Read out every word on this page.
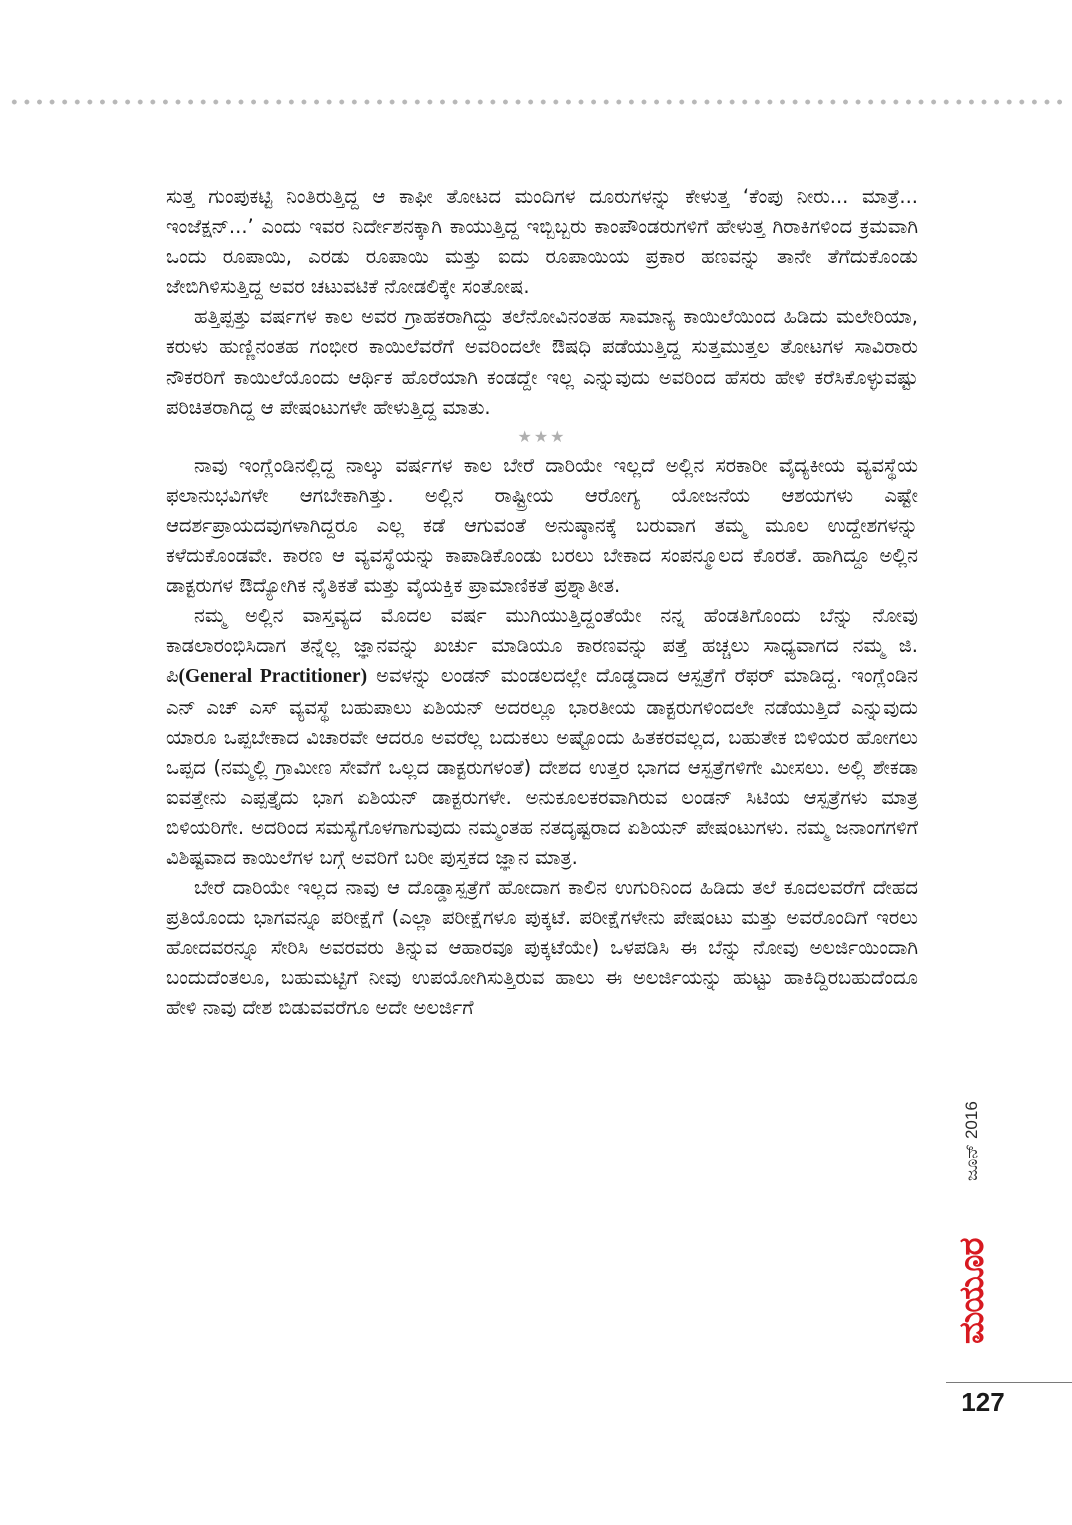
ಸುತ್ತ ಗುಂಪುಕಟ್ಟಿ ನಿಂತಿರುತ್ತಿದ್ದ ಆ ಕಾಫೀ ತೋಟದ ಮಂದಿಗಳ ದೂರುಗಳನ್ನು ಕೇಳುತ್ತ ‘ಕೆಂಪು ನೀರು... ಮಾತ್ರೆ... ಇಂಜೆಕ್ಷನ್...’ ಎಂದು ಇವರ ನಿರ್ದೇಶನಕ್ಕಾಗಿ ಕಾಯುತ್ತಿದ್ದ ಇಬ್ಬಿಬ್ಬರು ಕಾಂಪೌಂಡರುಗಳಿಗೆ ಹೇಳುತ್ತ ಗಿರಾಕಿಗಳಿಂದ ಕ್ರಮವಾಗಿ ಒಂದು ರೂಪಾಯಿ, ಎರಡು ರೂಪಾಯಿ ಮತ್ತು ಐದು ರೂಪಾಯಿಯ ಪ್ರಕಾರ ಹಣವನ್ನು ತಾನೇ ತೆಗೆದುಕೊಂಡು ಜೇಬಿಗಿಳಿಸುತ್ತಿದ್ದ ಅವರ ಚಟುವಟಿಕೆ ನೋಡಲಿಕ್ಕೇ ಸಂತೋಷ.

ಹತ್ತಿಪ್ಪತ್ತು ವರ್ಷಗಳ ಕಾಲ ಅವರ ಗ್ರಾಹಕರಾಗಿದ್ದು ತಲೆನೋವಿನಂತಹ ಸಾಮಾನ್ಯ ಕಾಯಿಲೆಯಿಂದ ಹಿಡಿದು ಮಲೇರಿಯಾ, ಕರುಳು ಹುಣ್ಣಿನಂತಹ ಗಂಭೀರ ಕಾಯಿಲೆವರೆಗೆ ಅವರಿಂದಲೇ ಔಷಧಿ ಪಡೆಯುತ್ತಿದ್ದ ಸುತ್ತಮುತ್ತಲ ತೋಟಗಳ ಸಾವಿರಾರು ನೌಕರರಿಗೆ ಕಾಯಿಲೆಯೊಂದು ಆರ್ಥಿಕ ಹೊರೆಯಾಗಿ ಕಂಡದ್ದೇ ಇಲ್ಲ ಎನ್ನುವುದು ಅವರಿಂದ ಹೆಸರು ಹೇಳಿ ಕರೆಸಿಕೊಳ್ಳುವಷ್ಟು ಪರಿಚಿತರಾಗಿದ್ದ ಆ ಪೇಷಂಟುಗಳೇ ಹೇಳುತ್ತಿದ್ದ ಮಾತು.

★★★

ನಾವು ಇಂಗ್ಲೆಂಡಿನಲ್ಲಿದ್ದ ನಾಲ್ಕು ವರ್ಷಗಳ ಕಾಲ ಬೇರೆ ದಾರಿಯೇ ಇಲ್ಲದೆ ಅಲ್ಲಿನ ಸರಕಾರೀ ವೈದ್ಯಕೀಯ ವ್ಯವಸ್ಥೆಯ ಫಲಾನುಭವಿಗಳೇ ಆಗಬೇಕಾಗಿತ್ತು. ಅಲ್ಲಿನ ರಾಷ್ಟ್ರೀಯ ಆರೋಗ್ಯ ಯೋಜನೆಯ ಆಶಯಗಳು ಎಷ್ಟೇ ಆದರ್ಶಪ್ರಾಯದವುಗಳಾಗಿದ್ದರೂ ಎಲ್ಲ ಕಡೆ ಆಗುವಂತೆ ಅನುಷ್ಠಾನಕ್ಕೆ ಬರುವಾಗ ತಮ್ಮ ಮೂಲ ಉದ್ದೇಶಗಳನ್ನು ಕಳೆದುಕೊಂಡವೇ. ಕಾರಣ ಆ ವ್ಯವಸ್ಥೆಯನ್ನು ಕಾಪಾಡಿಕೊಂಡು ಬರಲು ಬೇಕಾದ ಸಂಪನ್ಮೂಲದ ಕೊರತೆ. ಹಾಗಿದ್ದೂ ಅಲ್ಲಿನ ಡಾಕ್ಟರುಗಳ ಔದ್ಯೋಗಿಕ ನೈತಿಕತೆ ಮತ್ತು ವೈಯಕ್ತಿಕ ಪ್ರಾಮಾಣಿಕತೆ ಪ್ರಶ್ನಾತೀತ.

ನಮ್ಮ ಅಲ್ಲಿನ ವಾಸ್ತವ್ಯದ ಮೊದಲ ವರ್ಷ ಮುಗಿಯುತ್ತಿದ್ದಂತೆಯೇ ನನ್ನ ಹೆಂಡತಿಗೊಂದು ಬೆನ್ನು ನೋವು ಕಾಡಲಾರಂಭಿಸಿದಾಗ ತನ್ನೆಲ್ಲ ಜ್ಞಾನವನ್ನು ಖರ್ಚು ಮಾಡಿಯೂ ಕಾರಣವನ್ನು ಪತ್ತೆ ಹಚ್ಚಲು ಸಾಧ್ಯವಾಗದ ನಮ್ಮ ಜಿ. ಪಿ(General Practitioner) ಅವಳನ್ನು ಲಂಡನ್ ಮಂಡಲದಲ್ಲೇ ದೊಡ್ಡದಾದ ಆಸ್ಪತ್ರೆಗೆ ರೆಫರ್ ಮಾಡಿದ್ದ. ಇಂಗ್ಲೆಂಡಿನ ಎನ್ ಎಚ್ ಎಸ್ ವ್ಯವಸ್ಥೆ ಬಹುಪಾಲು ಏಶಿಯನ್ ಅದರಲ್ಲೂ ಭಾರತೀಯ ಡಾಕ್ಟರುಗಳಿಂದಲೇ ನಡೆಯುತ್ತಿದೆ ಎನ್ನುವುದು ಯಾರೂ ಒಪ್ಪಬೇಕಾದ ವಿಚಾರವೇ ಆದರೂ ಅವರೆಲ್ಲ ಬದುಕಲು ಅಷ್ಟೊಂದು ಹಿತಕರವಲ್ಲದ, ಬಹುತೇಕ ಬಿಳಿಯರ ಹೋಗಲು ಒಪ್ಪದ (ನಮ್ಮಲ್ಲಿ ಗ್ರಾಮೀಣ ಸೇವೆಗೆ ಒಲ್ಲದ ಡಾಕ್ಟರುಗಳಂತೆ) ದೇಶದ ಉತ್ತರ ಭಾಗದ ಆಸ್ಪತ್ರೆಗಳಿಗೇ ಮೀಸಲು. ಅಲ್ಲಿ ಶೇಕಡಾ ಐವತ್ತೇನು ಎಪ್ಪತ್ತೈದು ಭಾಗ ಏಶಿಯನ್ ಡಾಕ್ಟರುಗಳೇ. ಅನುಕೂಲಕರವಾಗಿರುವ ಲಂಡನ್ ಸಿಟಿಯ ಆಸ್ಪತ್ರೆಗಳು ಮಾತ್ರ ಬಿಳಿಯರಿಗೇ. ಅದರಿಂದ ಸಮಸ್ಯೆಗೊಳಗಾಗುವುದು ನಮ್ಮಂತಹ ನತದೃಷ್ಟರಾದ ಏಶಿಯನ್ ಪೇಷಂಟುಗಳು. ನಮ್ಮ ಜನಾಂಗಗಳಿಗೆ ವಿಶಿಷ್ಟವಾದ ಕಾಯಿಲೆಗಳ ಬಗ್ಗೆ ಅವರಿಗೆ ಬರೀ ಪುಸ್ತಕದ ಜ್ಞಾನ ಮಾತ್ರ.

ಬೇರೆ ದಾರಿಯೇ ಇಲ್ಲದ ನಾವು ಆ ದೊಡ್ಡಾಸ್ಪತ್ರೆಗೆ ಹೋದಾಗ ಕಾಲಿನ ಉಗುರಿನಿಂದ ಹಿಡಿದು ತಲೆ ಕೂದಲವರೆಗೆ ದೇಹದ ಪ್ರತಿಯೊಂದು ಭಾಗವನ್ನೂ ಪರೀಕ್ಷೆಗೆ (ಎಲ್ಲಾ ಪರೀಕ್ಷೆಗಳೂ ಪುಕ್ಕಟೆ. ಪರೀಕ್ಷೆಗಳೇನು ಪೇಷಂಟು ಮತ್ತು ಅವರೊಂದಿಗೆ ಇರಲು ಹೋದವರನ್ನೂ ಸೇರಿಸಿ ಅವರವರು ತಿನ್ನುವ ಆಹಾರವೂ ಪುಕ್ಕಟೆಯೇ) ಒಳಪಡಿಸಿ ಈ ಬೆನ್ನು ನೋವು ಅಲರ್ಜಿಯಿಂದಾಗಿ ಬಂದುದೆಂತಲೂ, ಬಹುಮಟ್ಟಿಗೆ ನೀವು ಉಪಯೋಗಿಸುತ್ತಿರುವ ಹಾಲು ಈ ಅಲರ್ಜಿಯನ್ನು ಹುಟ್ಟು ಹಾಕಿದ್ದಿರಬಹುದೆಂದೂ ಹೇಳಿ ನಾವು ದೇಶ ಬಿಡುವವರೆಗೂ ಅದೇ ಅಲರ್ಜಿಗೆ

ಜೂನ್ 2016
ಮಯೂರ
127
